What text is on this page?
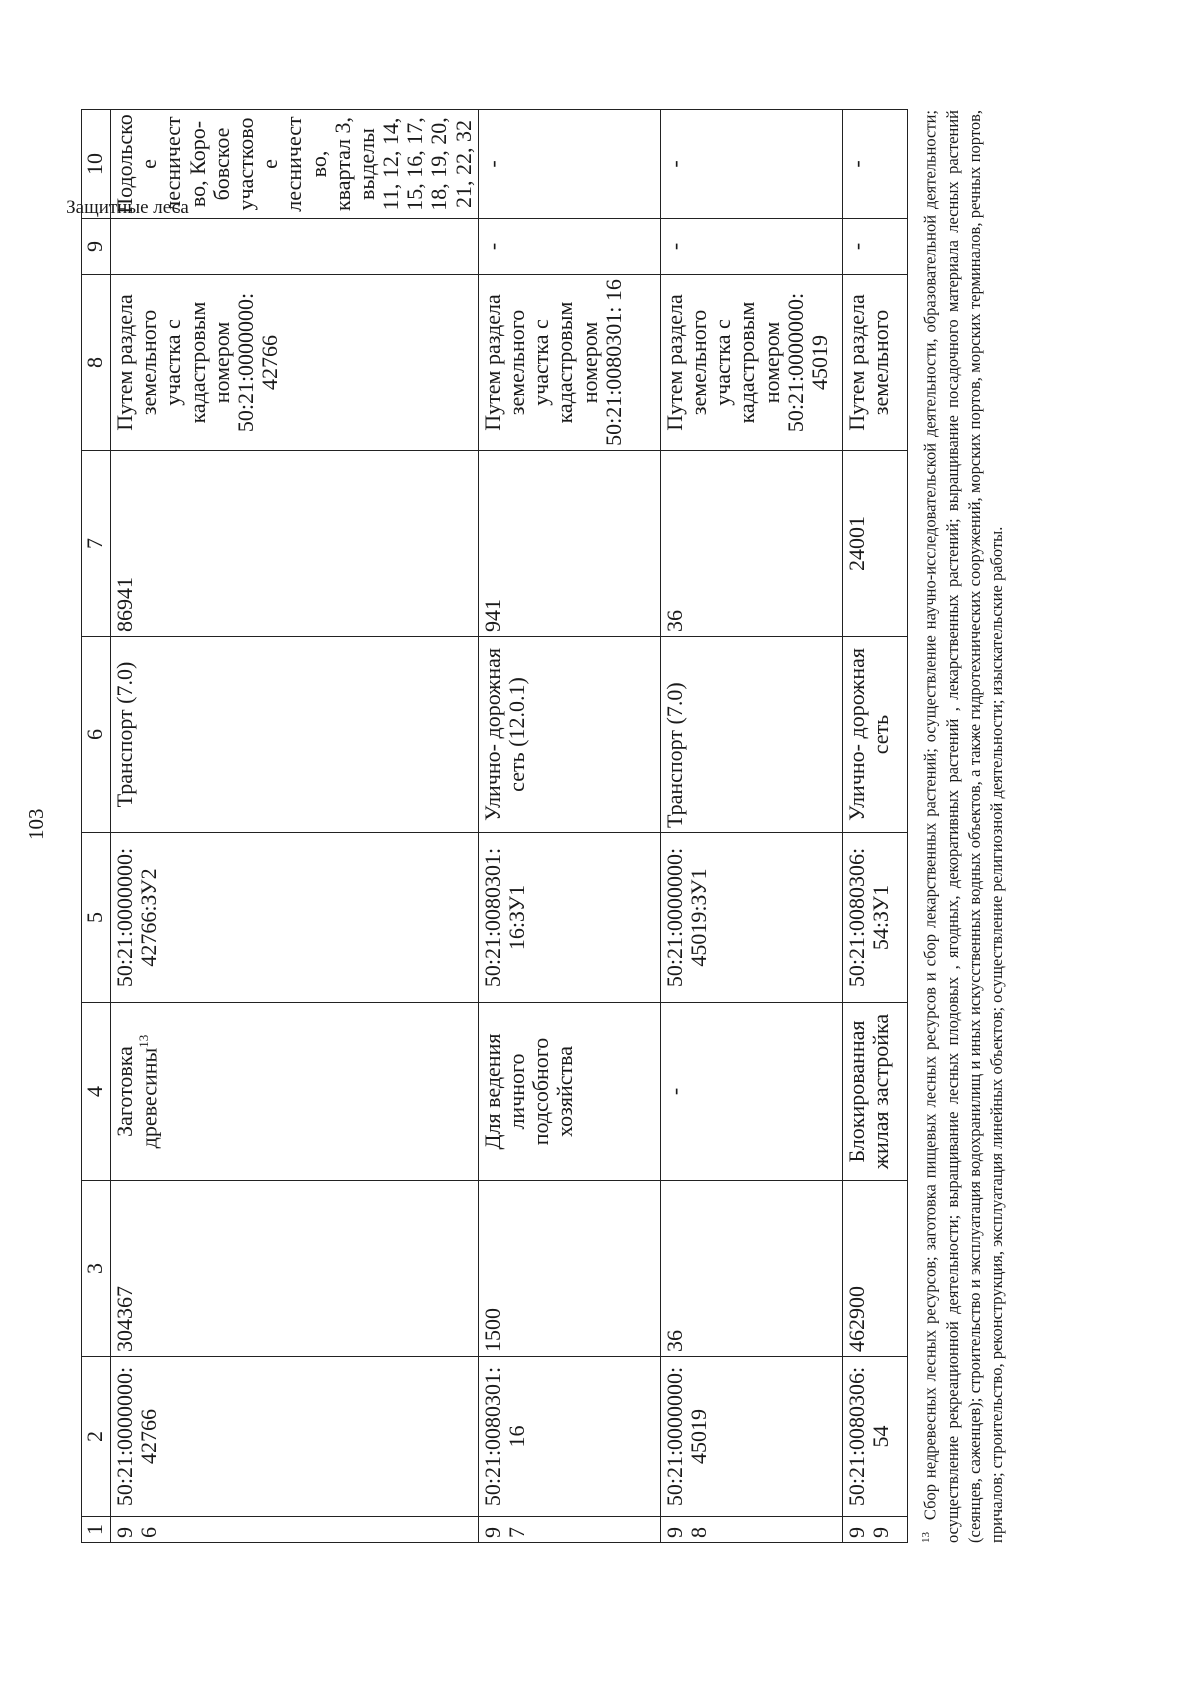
103
1	2	3	4	5	6	7	8	9	10
96	50:21:0000000: 42766	304367	Заготовка древесины$^{13}$	50:21:0000000: 42766:ЗУ2	Транспорт (7.0)	86941	Путем раздела земельного участка с кадастровым номером 50:21:0000000: 42766	Защитные леса	Подольское лесничество, Коро- бовское участковое лесничество, квартал 3, выделы 11, 12, 14, 15, 16, 17, 18, 19, 20, 21, 22, 32
97	50:21:0080301: 16	1500	Для ведения личного подсобного хозяйства	50:21:0080301: 16:ЗУ1	Улично- дорожная сеть (12.0.1)	941	Путем раздела земельного участка с кадастровым номером 50:21:0080301: 16	-	-
98	50:21:0000000: 45019	36	-	50:21:0000000: 45019:ЗУ1	Транспорт (7.0)	36	Путем раздела земельного участка с кадастровым номером 50:21:0000000: 45019	-	-
99	50:21:0080306: 54	462900	Блокированная жилая застройка	50:21:0080306: 54:ЗУ1	Улично- дорожная сеть	24001	Путем раздела земельного	-	-
$^{13}$  Сбор недревесных лесных ресурсов; заготовка пищевых лесных ресурсов и сбор лекарственных растений; осуществление научно-исследовательской деятельности, образовательной деятельности; осуществление рекреационной деятельности; выращивание лесных плодовых , ягодных, декоративных растений , лекарственных растений; выращивание посадочного материала лесных растений (сеянцев, саженцев); строительство и эксплуатация водохранилищ и иных искусственных водных объектов, а также гидротехнических сооружений, морских портов, морских терминалов, речных портов, причалов; строительство, реконструкция, эксплуатация линейных объектов; осуществление религиозной деятельности; изыскательские работы.
